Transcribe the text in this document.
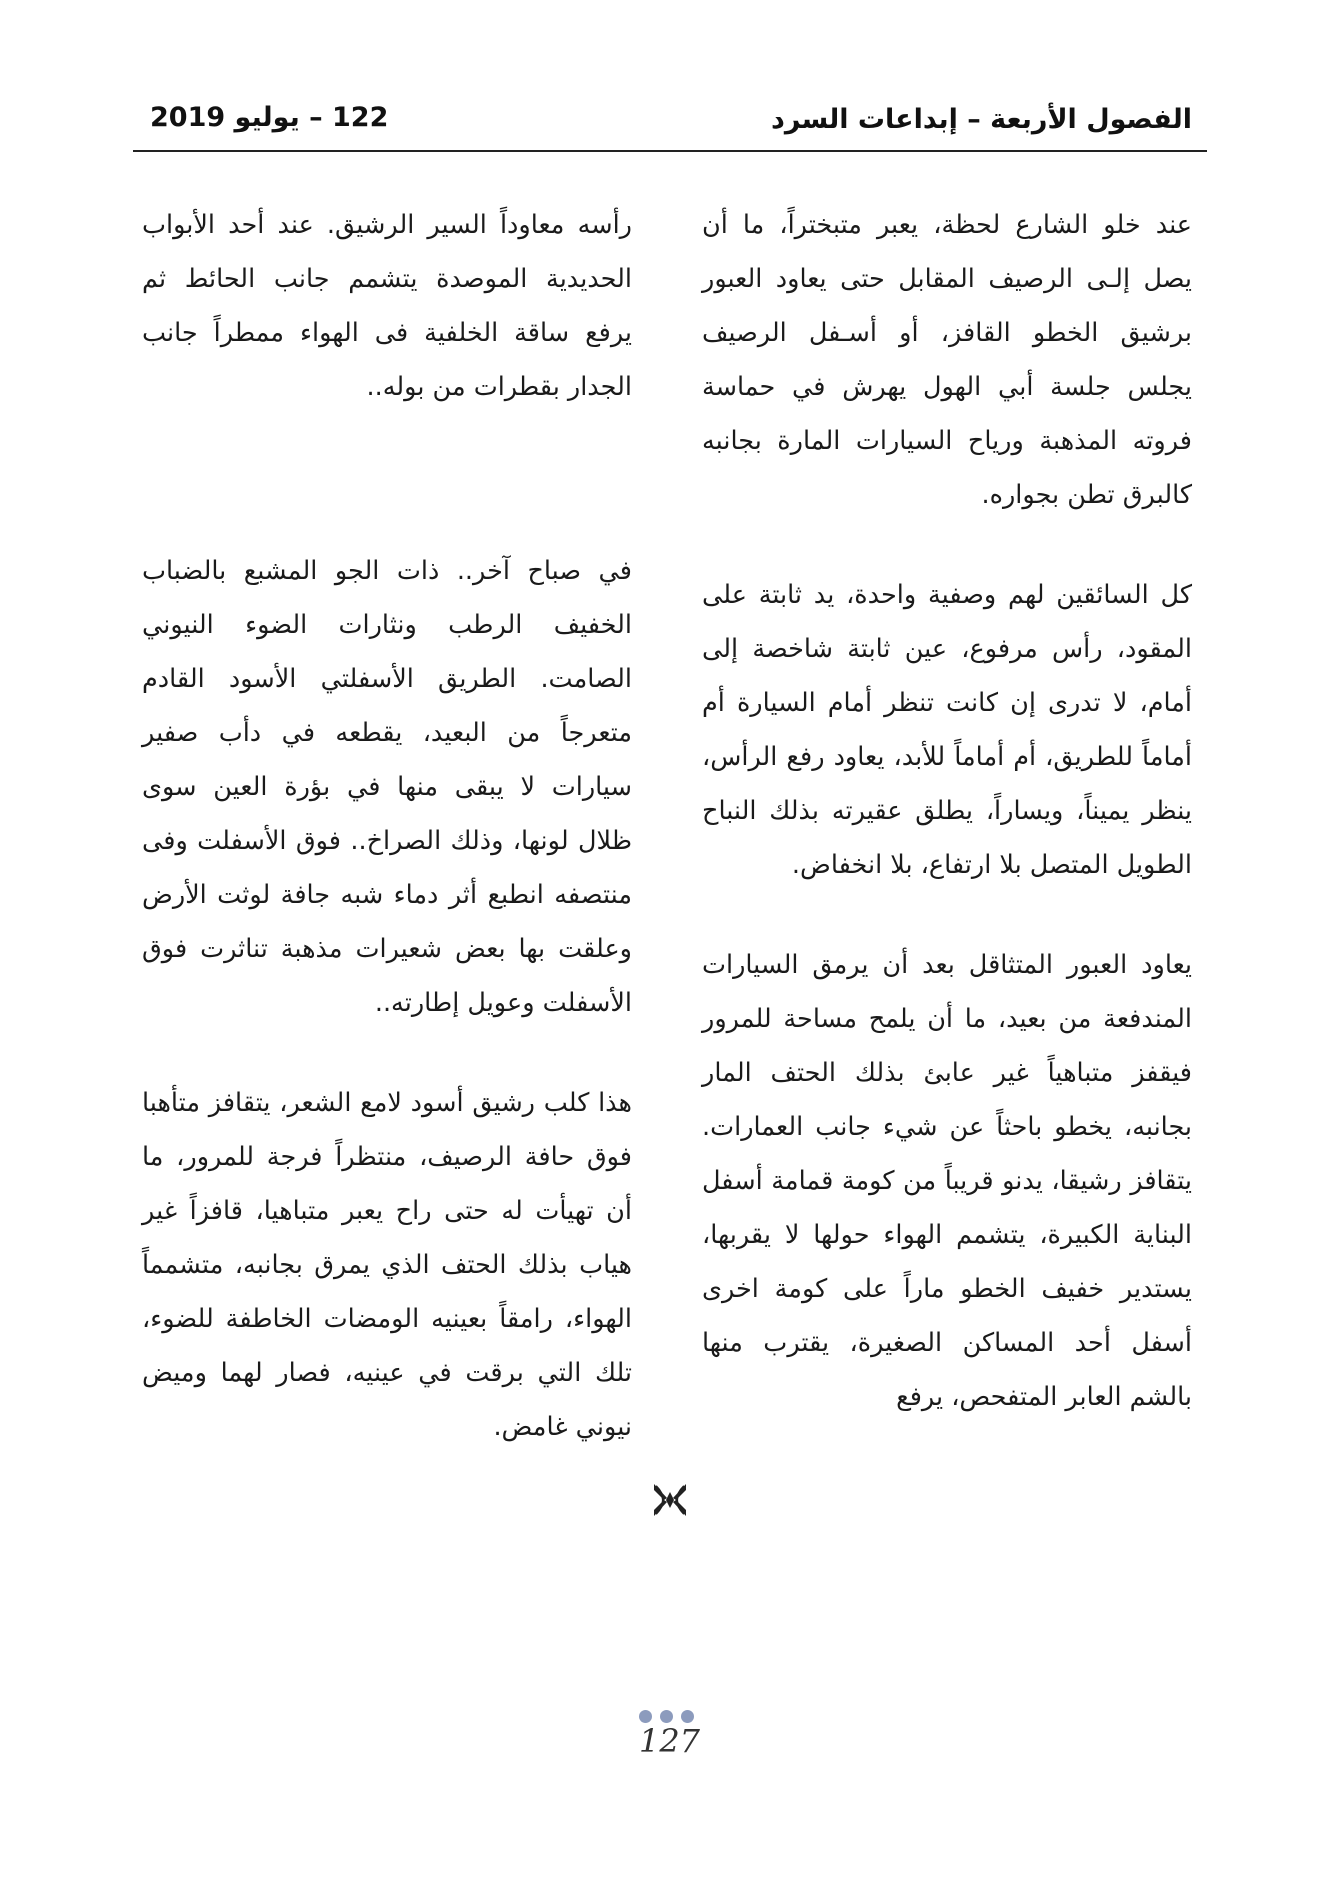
الفصول الأربعة – إبداعات السرد
122 – يوليو 2019

عند خلو الشارع لحظة، يعبر متبختراً، ما أن يصل إلـى الرصيف المقابل حتى يعاود العبور برشيق الخطو القافز، أو أسـفل الرصيف يجلس جلسة أبي الهول يهرش في حماسة فروته المذهبة ورياح السيارات المارة بجانبه كالبرق تطن بجواره.

كل السائقين لهم وصفية واحدة، يد ثابتة على المقود، رأس مرفوع، عين ثابتة شاخصة إلى أمام، لا تدرى إن كانت تنظر أمام السيارة أم أماماً للطريق، أم أماماً للأبد، يعاود رفع الرأس، ينظر يميناً، ويساراً، يطلق عقيرته بذلك النباح الطويل المتصل بلا ارتفاع، بلا انخفاض.

يعاود العبور المتثاقل بعد أن يرمق السيارات المندفعة من بعيد، ما أن يلمح مساحة للمرور فيقفز متباهياً غير عابئ بذلك الحتف المار بجانبه، يخطو باحثاً عن شيء جانب العمارات. يتقافز رشيقا، يدنو قريباً من كومة قمامة أسفل البناية الكبيرة، يتشمم الهواء حولها لا يقربها، يستدير خفيف الخطو ماراً على كومة اخرى أسفل أحد المساكن الصغيرة، يقترب منها بالشم العابر المتفحص، يرفع

رأسه معاوداً السير الرشيق. عند أحد الأبواب الحديدية الموصدة يتشمم جانب الحائط ثم يرفع ساقة الخلفية فى الهواء ممطراً جانب الجدار بقطرات من بوله..

في صباح آخر.. ذات الجو المشبع بالضباب الخفيف الرطب ونثارات الضوء النيوني الصامت. الطريق الأسفلتي الأسود القادم متعرجاً من البعيد، يقطعه في دأب صفير سيارات لا يبقى منها في بؤرة العين سوى ظلال لونها، وذلك الصراخ.. فوق الأسفلت وفى منتصفه انطبع أثر دماء شبه جافة لوثت الأرض وعلقت بها بعض شعيرات مذهبة تناثرت فوق الأسفلت وعويل إطارته..

هذا كلب رشيق أسود لامع الشعر، يتقافز متأهبا فوق حافة الرصيف، منتظراً فرجة للمرور، ما أن تهيأت له حتى راح يعبر متباهيا، قافزاً غير هياب بذلك الحتف الذي يمرق بجانبه، متشمماً الهواء، رامقاً بعينيه الومضات الخاطفة للضوء، تلك التي برقت في عينيه، فصار لهما وميض نيوني غامض.

127
